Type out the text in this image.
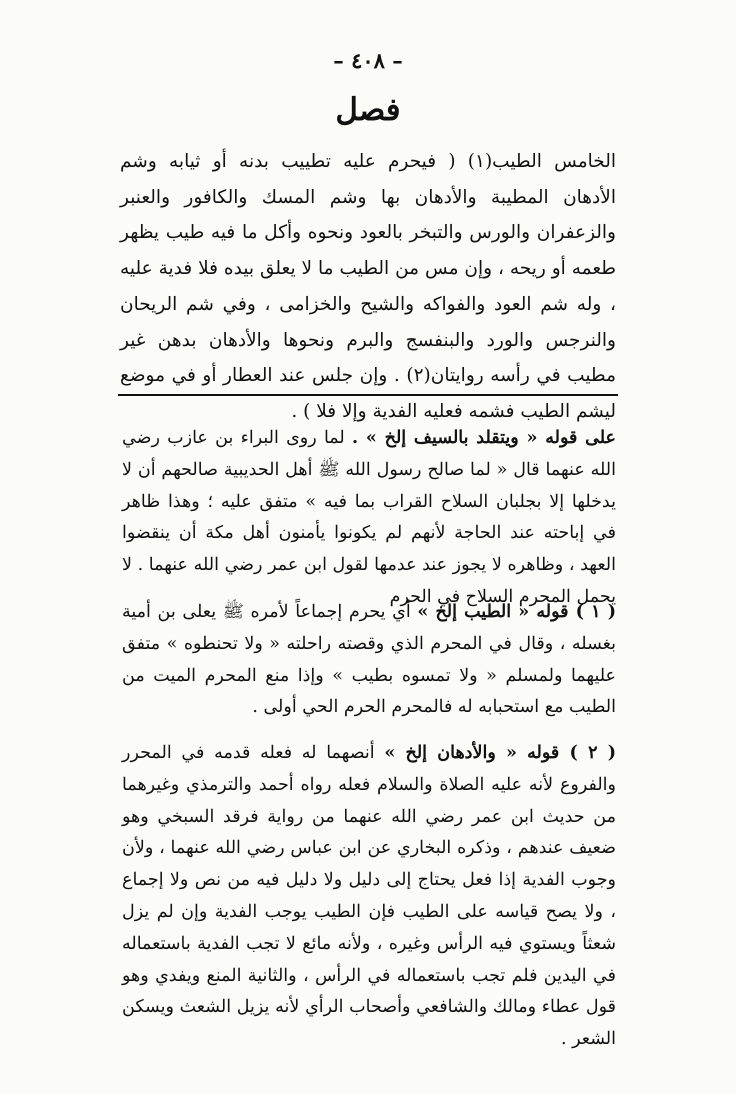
– ٤٠٨ –
فصل

الخامس الطيب(١) ( فيحرم عليه تطييب بدنه أو ثيابه وشم الأدهان المطيبة والأدهان بها وشم المسك والكافور والعنبر والزعفران والورس والتبخر بالعود ونحوه وأكل ما فيه طيب يظهر طعمه أو ريحه ، وإن مس من الطيب ما لا يعلق بيده فلا فدية عليه ، وله شم العود والفواكه والشيح والخزامى ، وفي شم الريحان والنرجس والورد والبنفسج والبرم ونحوها والأدهان بدهن غير مطيب في رأسه روايتان(٢) . وإن جلس عند العطار أو في موضع ليشم الطيب فشمه فعليه الفدية وإلا فلا ) .

على قوله « ويتقلد بالسيف إلخ » . لما روى البراء بن عازب رضي الله عنهما قال « لما صالح رسول الله ﷺ أهل الحديبية صالحهم أن لا يدخلها إلا بجلبان السلاح القراب بما فيه » متفق عليه ؛ وهذا ظاهر في إباحته عند الحاجة لأنهم لم يكونوا يأمنون أهل مكة أن ينقضوا العهد ، وظاهره لا يجوز عند عدمها لقول ابن عمر رضي الله عنهما . لا يحمل المحرم السلاح في الحرم

( ١ ) قوله « الطيب إلخ » أي يحرم إجماعاً لأمره ﷺ يعلى بن أمية بغسله ، وقال في المحرم الذي وقصته راحلته « ولا تحنطوه » متفق عليهما ولمسلم « ولا تمسوه بطيب » وإذا منع المحرم الميت من الطيب مع استحبابه له فالمحرم الحرم الحي أولى .

( ٢ ) قوله « والأدهان إلخ » أنصهما له فعله قدمه في المحرر والفروع لأنه عليه الصلاة والسلام فعله رواه أحمد والترمذي وغيرهما من حديث ابن عمر رضي الله عنهما من رواية فرقد السبخي وهو ضعيف عندهم ، وذكره البخاري عن ابن عباس رضي الله عنهما ، ولأن وجوب الفدية إذا فعل يحتاج إلى دليل ولا دليل فيه من نص ولا إجماع ، ولا يصح قياسه على الطيب فإن الطيب يوجب الفدية وإن لم يزل شعثاً ويستوي فيه الرأس وغيره ، ولأنه مائع لا تجب الفدية باستعماله في اليدين فلم تجب باستعماله في الرأس ، والثانية المنع ويفدي وهو قول عطاء ومالك والشافعي وأصحاب الرأي لأنه يزيل الشعث ويسكن الشعر .
